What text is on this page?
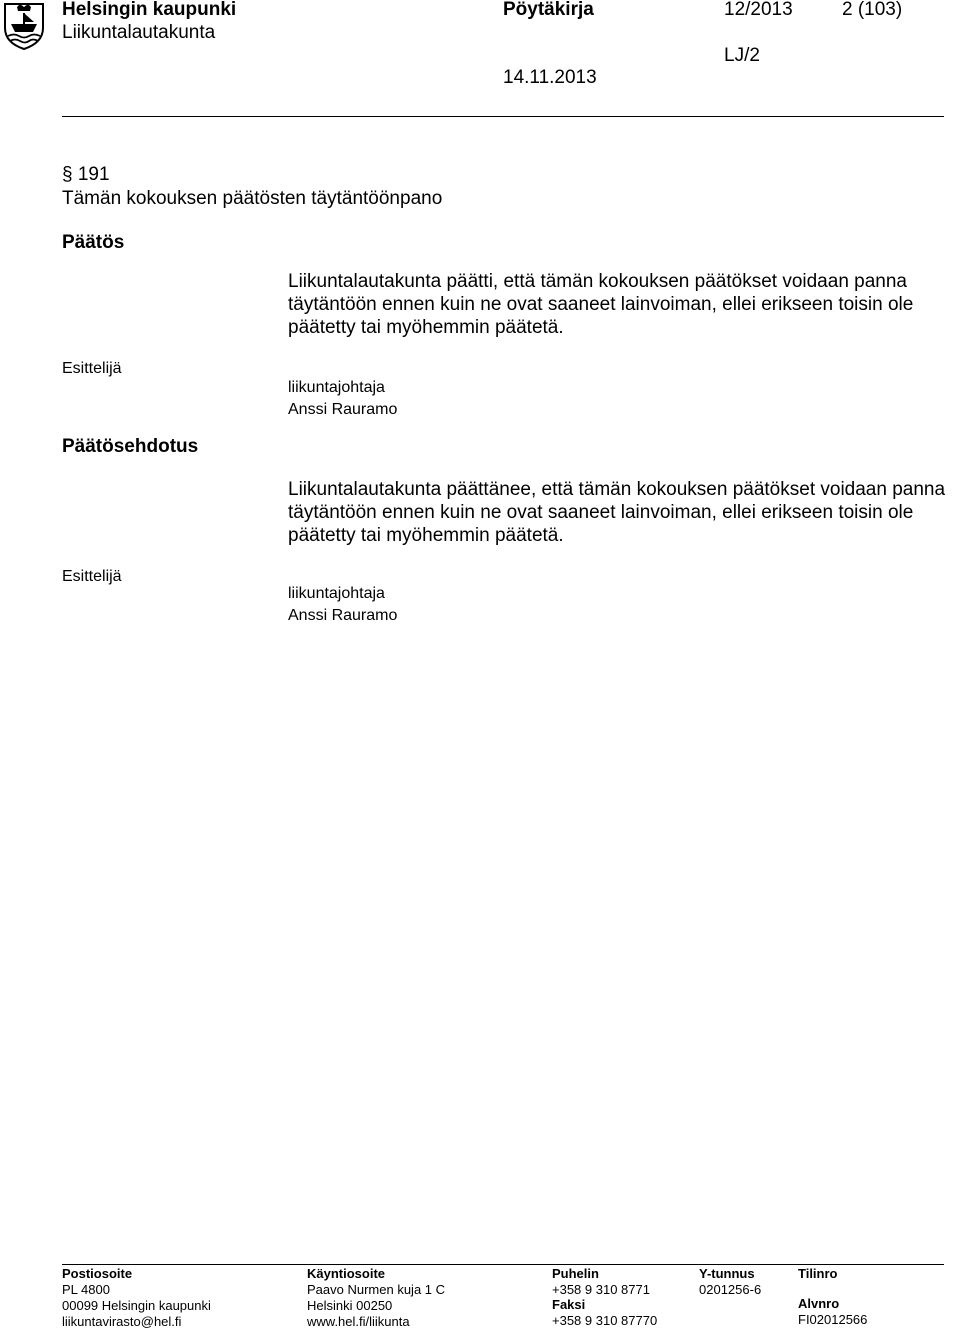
Helsingin kaupunki
Liikuntalautakunta
Pöytäkirja	12/2013	2 (103)
LJ/2
14.11.2013
§ 191
Tämän kokouksen päätösten täytäntöönpano
Päätös
Liikuntalautakunta päätti, että tämän kokouksen päätökset voidaan panna täytäntöön ennen kuin ne ovat saaneet lainvoiman, ellei erikseen toisin ole päätetty tai myöhemmin päätetä.
Esittelijä
liikuntajohtaja
Anssi Rauramo
Päätösehdotus
Liikuntalautakunta päättänee, että tämän kokouksen päätökset voidaan panna täytäntöön ennen kuin ne ovat saaneet lainvoiman, ellei erikseen toisin ole päätetty tai myöhemmin päätetä.
Esittelijä
liikuntajohtaja
Anssi Rauramo
Postiosoite
PL 4800
00099 Helsingin kaupunki
liikuntavirasto@hel.fi
Käyntiosoite
Paavo Nurmen kuja 1 C
Helsinki 00250
www.hel.fi/liikunta
Puhelin
+358 9 310 8771
Faksi
+358 9 310 87770
Y-tunnus
0201256-6
Tilinro
Alvnro
FI02012566
